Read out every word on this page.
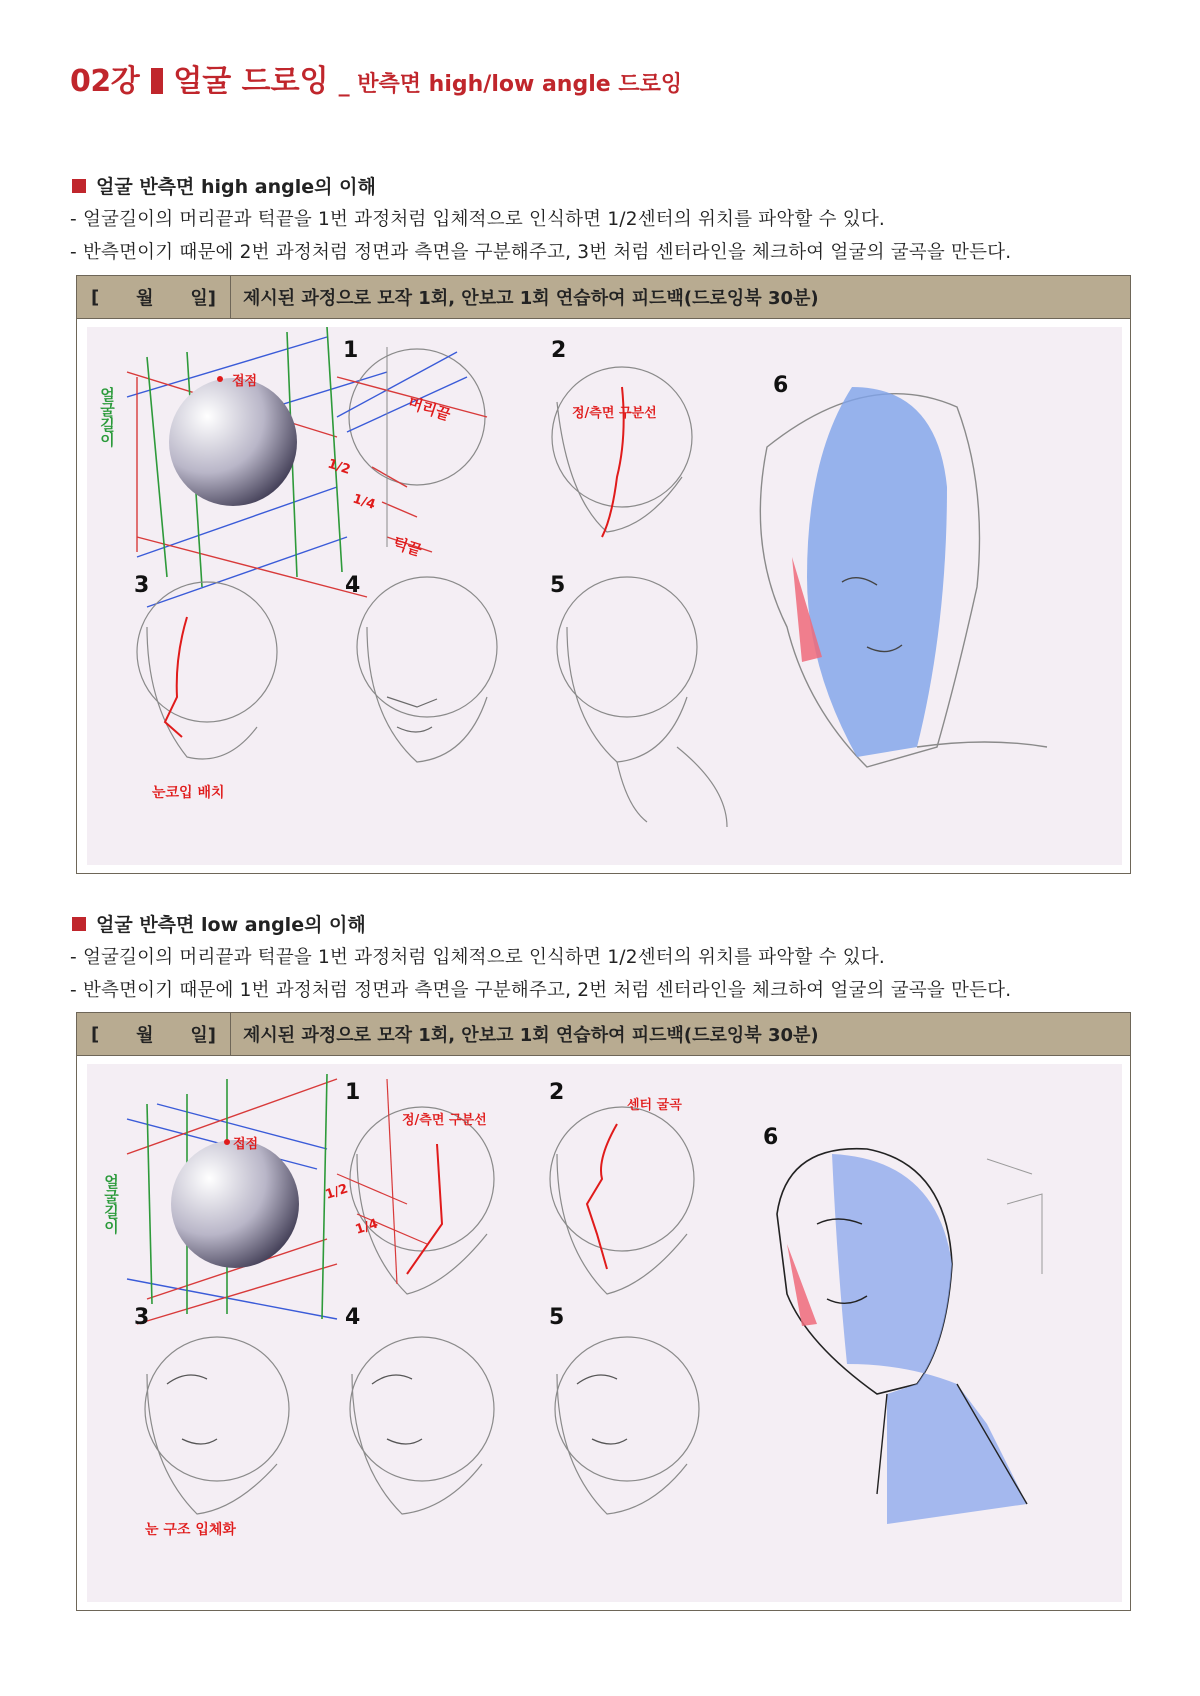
02강 얼굴 드로잉 _ 반측면 high/low angle 드로잉
얼굴 반측면 high angle의 이해
- 얼굴길이의 머리끝과 턱끝을 1번 과정처럼 입체적으로 인식하면 1/2센터의 위치를 파악할 수 있다.
- 반측면이기 때문에 2번 과정처럼 정면과 측면을 구분해주고, 3번 처럼 센터라인을 체크하여 얼굴의 굴곡을 만든다.
[ 월 일]	제시된 과정으로 모작 1회, 안보고 1회 연습하여 피드백(드로잉북 30분)
접점
얼굴길이	머리끝
1/2
1/4
턱끝
1
정/측면 구분선
2
눈코입 배치
3	4	5
6
얼굴 반측면 low angle의 이해
- 얼굴길이의 머리끝과 턱끝을 1번 과정처럼 입체적으로 인식하면 1/2센터의 위치를 파악할 수 있다.
- 반측면이기 때문에 1번 과정처럼 정면과 측면을 구분해주고, 2번 처럼 센터라인을 체크하여 얼굴의 굴곡을 만든다.
[ 월 일]	제시된 과정으로 모작 1회, 안보고 1회 연습하여 피드백(드로잉북 30분)
접점
얼굴길이
정/측면 구분선
1/2
1/4
1
센터 굴곡
2
눈 구조 입체화
3	4	5
6
